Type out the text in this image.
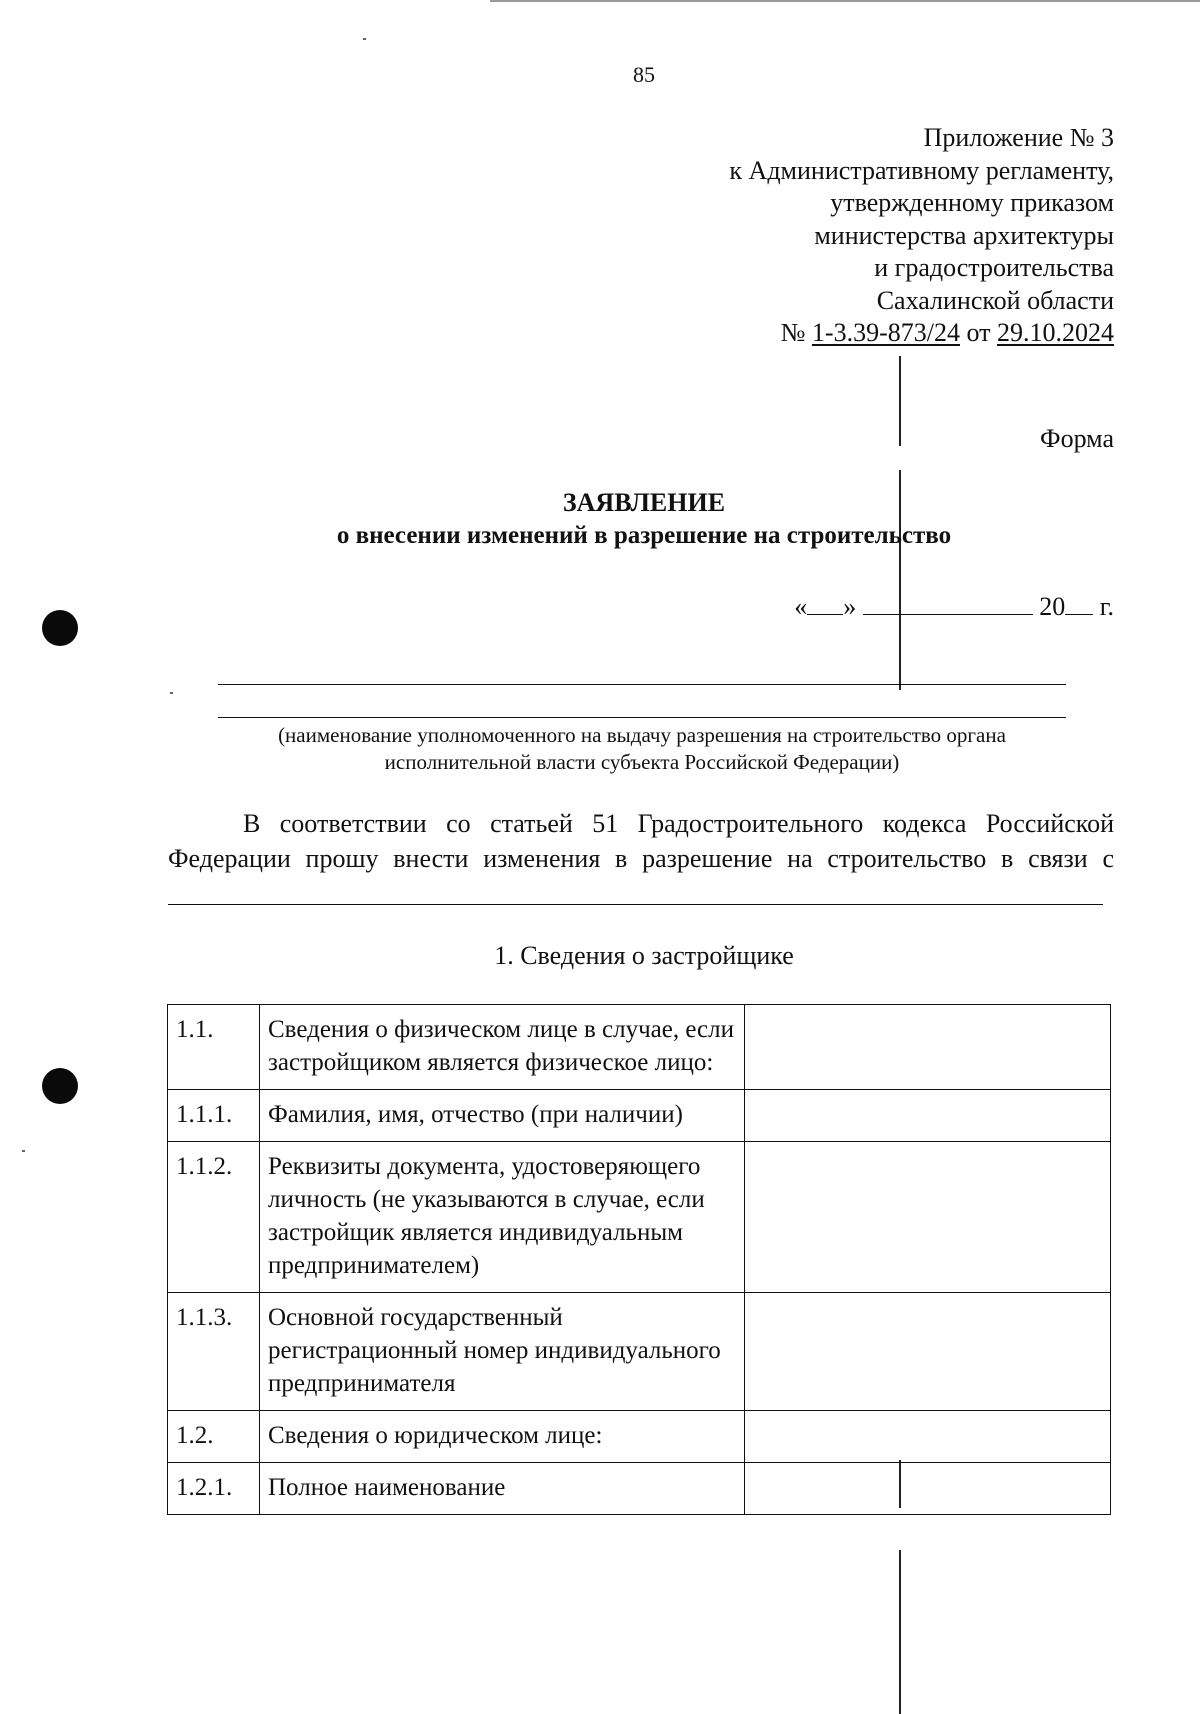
85
Приложение № 3
к Административному регламенту,
утвержденному приказом
министерства архитектуры
и градостроительства
Сахалинской области
№ 1-3.39-873/24 от 29.10.2024
Форма
ЗАЯВЛЕНИЕ
о внесении изменений в разрешение на строительство
« »	20 г.
(наименование уполномоченного на выдачу разрешения на строительство органа
исполнительной власти субъекта Российской Федерации)
В соответствии со статьей 51 Градостроительного кодекса Российской
Федерации прошу внести изменения в разрешение на строительство в связи с
1. Сведения о застройщике
1.1.	Сведения о физическом лице в случае, если застройщиком является физическое лицо:	
1.1.1.	Фамилия, имя, отчество (при наличии)	
1.1.2.	Реквизиты документа, удостоверяющего личность (не указываются в случае, если застройщик является индивидуальным предпринимателем)	
1.1.3.	Основной государственный регистрационный номер индивидуального предпринимателя	
1.2.	Сведения о юридическом лице:	
1.2.1.	Полное наименование	
